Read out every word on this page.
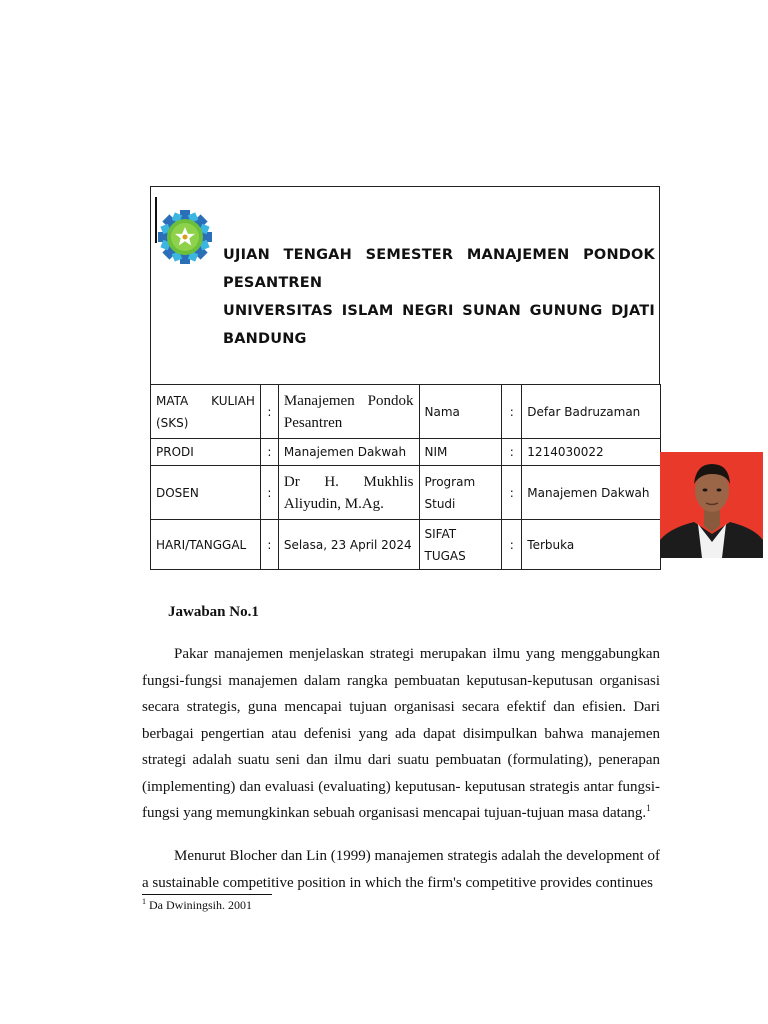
UJIAN TENGAH SEMESTER MANAJEMEN PONDOK
PESANTREN
UNIVERSITAS ISLAM NEGRI SUNAN GUNUNG DJATI
BANDUNG
MATA KULIAH (SKS)	:	Manajemen Pondok Pesantren	Nama	:	Defar Badruzaman
PRODI	:	Manajemen Dakwah	NIM	:	1214030022
DOSEN	:	Dr H. Mukhlis Aliyudin, M.Ag.	Program Studi	:	Manajemen Dakwah
HARI/TANGGAL	:	Selasa, 23 April 2024	SIFAT TUGAS	:	Terbuka
Jawaban No.1

Pakar manajemen menjelaskan strategi merupakan ilmu yang menggabungkan fungsi-fungsi manajemen dalam rangka pembuatan keputusan-keputusan organisasi secara strategis, guna mencapai tujuan organisasi secara efektif dan efisien. Dari berbagai pengertian atau defenisi yang ada dapat disimpulkan bahwa manajemen strategi adalah suatu seni dan ilmu dari suatu pembuatan (formulating), penerapan (implementing) dan evaluasi (evaluating) keputusan- keputusan strategis antar fungsi-fungsi yang memungkinkan sebuah organisasi mencapai tujuan-tujuan masa datang.$^1$

Menurut Blocher dan Lin (1999) manajemen strategis adalah the development of a sustainable competitive position in which the firm's competitive provides continues

$^1$ Da Dwiningsih. 2001
